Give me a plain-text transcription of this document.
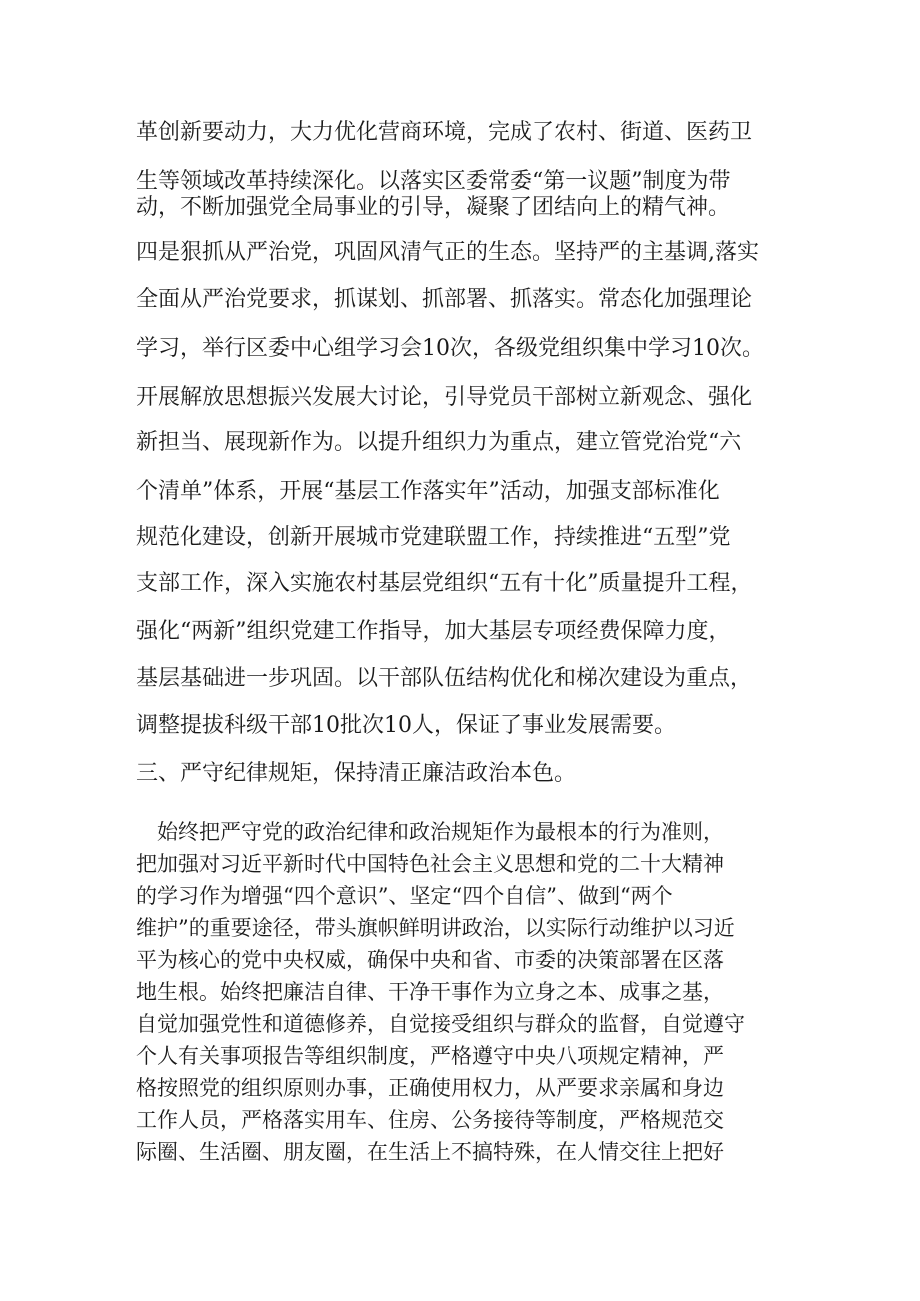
革创新要动力，大力优化营商环境，完成了农村、街道、医药卫
生等领域改革持续深化。以落实区委常委“第一议题”制度为带
动，不断加强党全局事业的引导，凝聚了团结向上的精气神。
四是狠抓从严治党，巩固风清气正的生态。坚持严的主基调,落实
全面从严治党要求，抓谋划、抓部署、抓落实。常态化加强理论
学习，举行区委中心组学习会10次，各级党组织集中学习10次。
开展解放思想振兴发展大讨论，引导党员干部树立新观念、强化
新担当、展现新作为。以提升组织力为重点，建立管党治党“六
个清单”体系，开展“基层工作落实年”活动，加强支部标准化
规范化建设，创新开展城市党建联盟工作，持续推进“五型”党
支部工作，深入实施农村基层党组织“五有十化”质量提升工程，
强化“两新”组织党建工作指导，加大基层专项经费保障力度，
基层基础进一步巩固。以干部队伍结构优化和梯次建设为重点，
调整提拔科级干部10批次10人，保证了事业发展需要。
三、严守纪律规矩，保持清正廉洁政治本色。
　始终把严守党的政治纪律和政治规矩作为最根本的行为准则，
把加强对习近平新时代中国特色社会主义思想和党的二十大精神
的学习作为增强“四个意识”、坚定“四个自信”、做到“两个
维护”的重要途径，带头旗帜鲜明讲政治，以实际行动维护以习近
平为核心的党中央权威，确保中央和省、市委的决策部署在区落
地生根。始终把廉洁自律、干净干事作为立身之本、成事之基，
自觉加强党性和道德修养，自觉接受组织与群众的监督，自觉遵守
个人有关事项报告等组织制度，严格遵守中央八项规定精神，严
格按照党的组织原则办事，正确使用权力，从严要求亲属和身边
工作人员，严格落实用车、住房、公务接待等制度，严格规范交
际圈、生活圈、朋友圈，在生活上不搞特殊，在人情交往上把好
